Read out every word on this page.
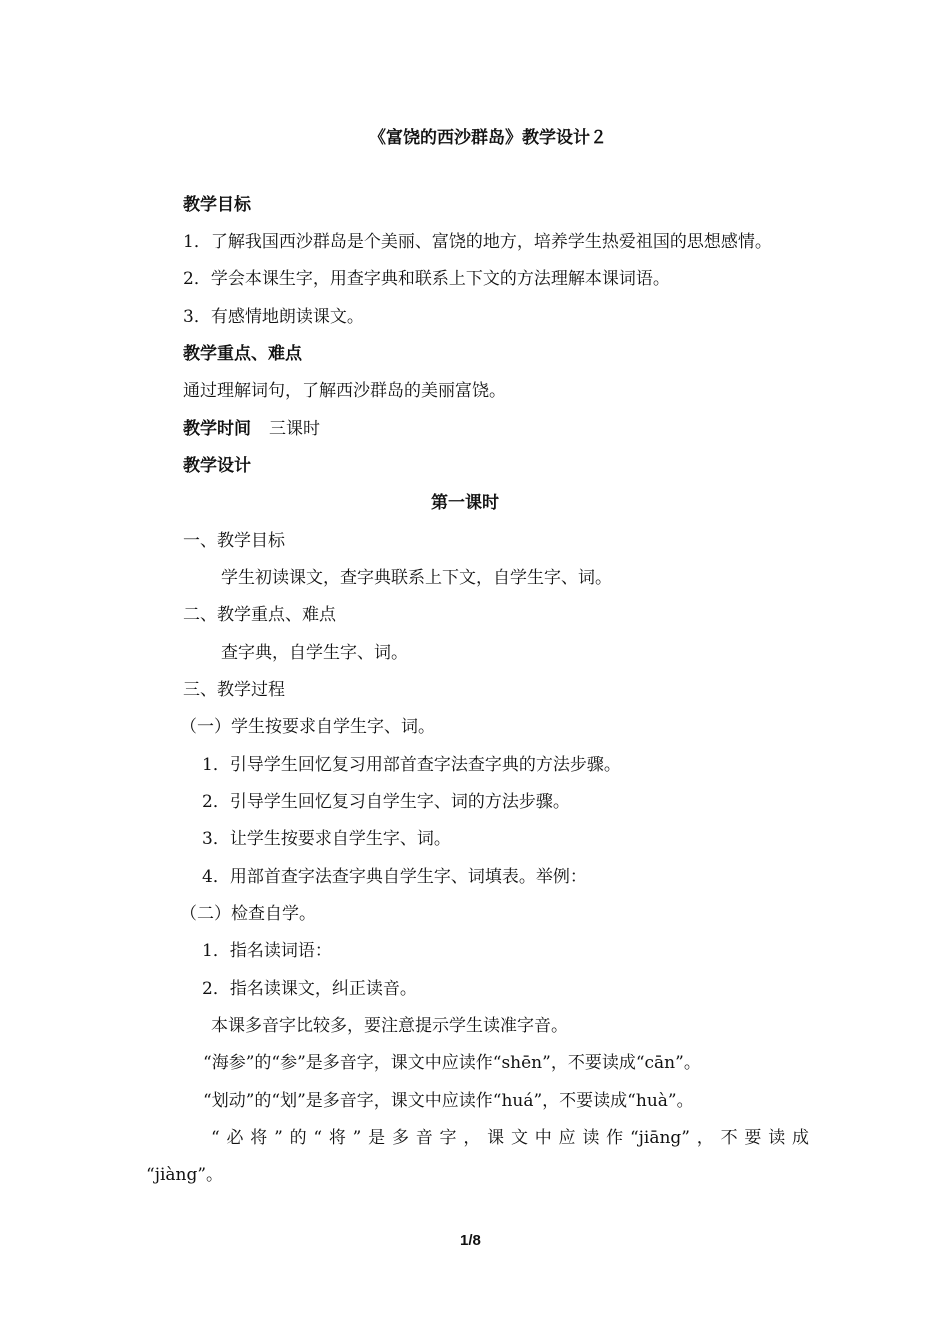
《富饶的西沙群岛》教学设计２
教学目标
1．了解我国西沙群岛是个美丽、富饶的地方，培养学生热爱祖国的思想感情。
2．学会本课生字，用查字典和联系上下文的方法理解本课词语。
3．有感情地朗读课文。
教学重点、难点
通过理解词句，了解西沙群岛的美丽富饶。
教学时间 三课时
教学设计
第一课时
一、教学目标
学生初读课文，查字典联系上下文，自学生字、词。
二、教学重点、难点
查字典，自学生字、词。
三、教学过程
（一）学生按要求自学生字、词。
1．引导学生回忆复习用部首查字法查字典的方法步骤。
2．引导学生回忆复习自学生字、词的方法步骤。
3．让学生按要求自学生字、词。
4．用部首查字法查字典自学生字、词填表。举例：
（二）检查自学。
1．指名读词语：
2．指名读课文，纠正读音。
本课多音字比较多，要注意提示学生读准字音。
“海参”的“参”是多音字，课文中应读作“shēn”，不要读成“cān”。
“划动”的“划”是多音字，课文中应读作“huá”，不要读成“huà”。
“必将”的“将”是多音字，课文中应读作“jiāng”，不要读成
“jiàng”。
1/8
